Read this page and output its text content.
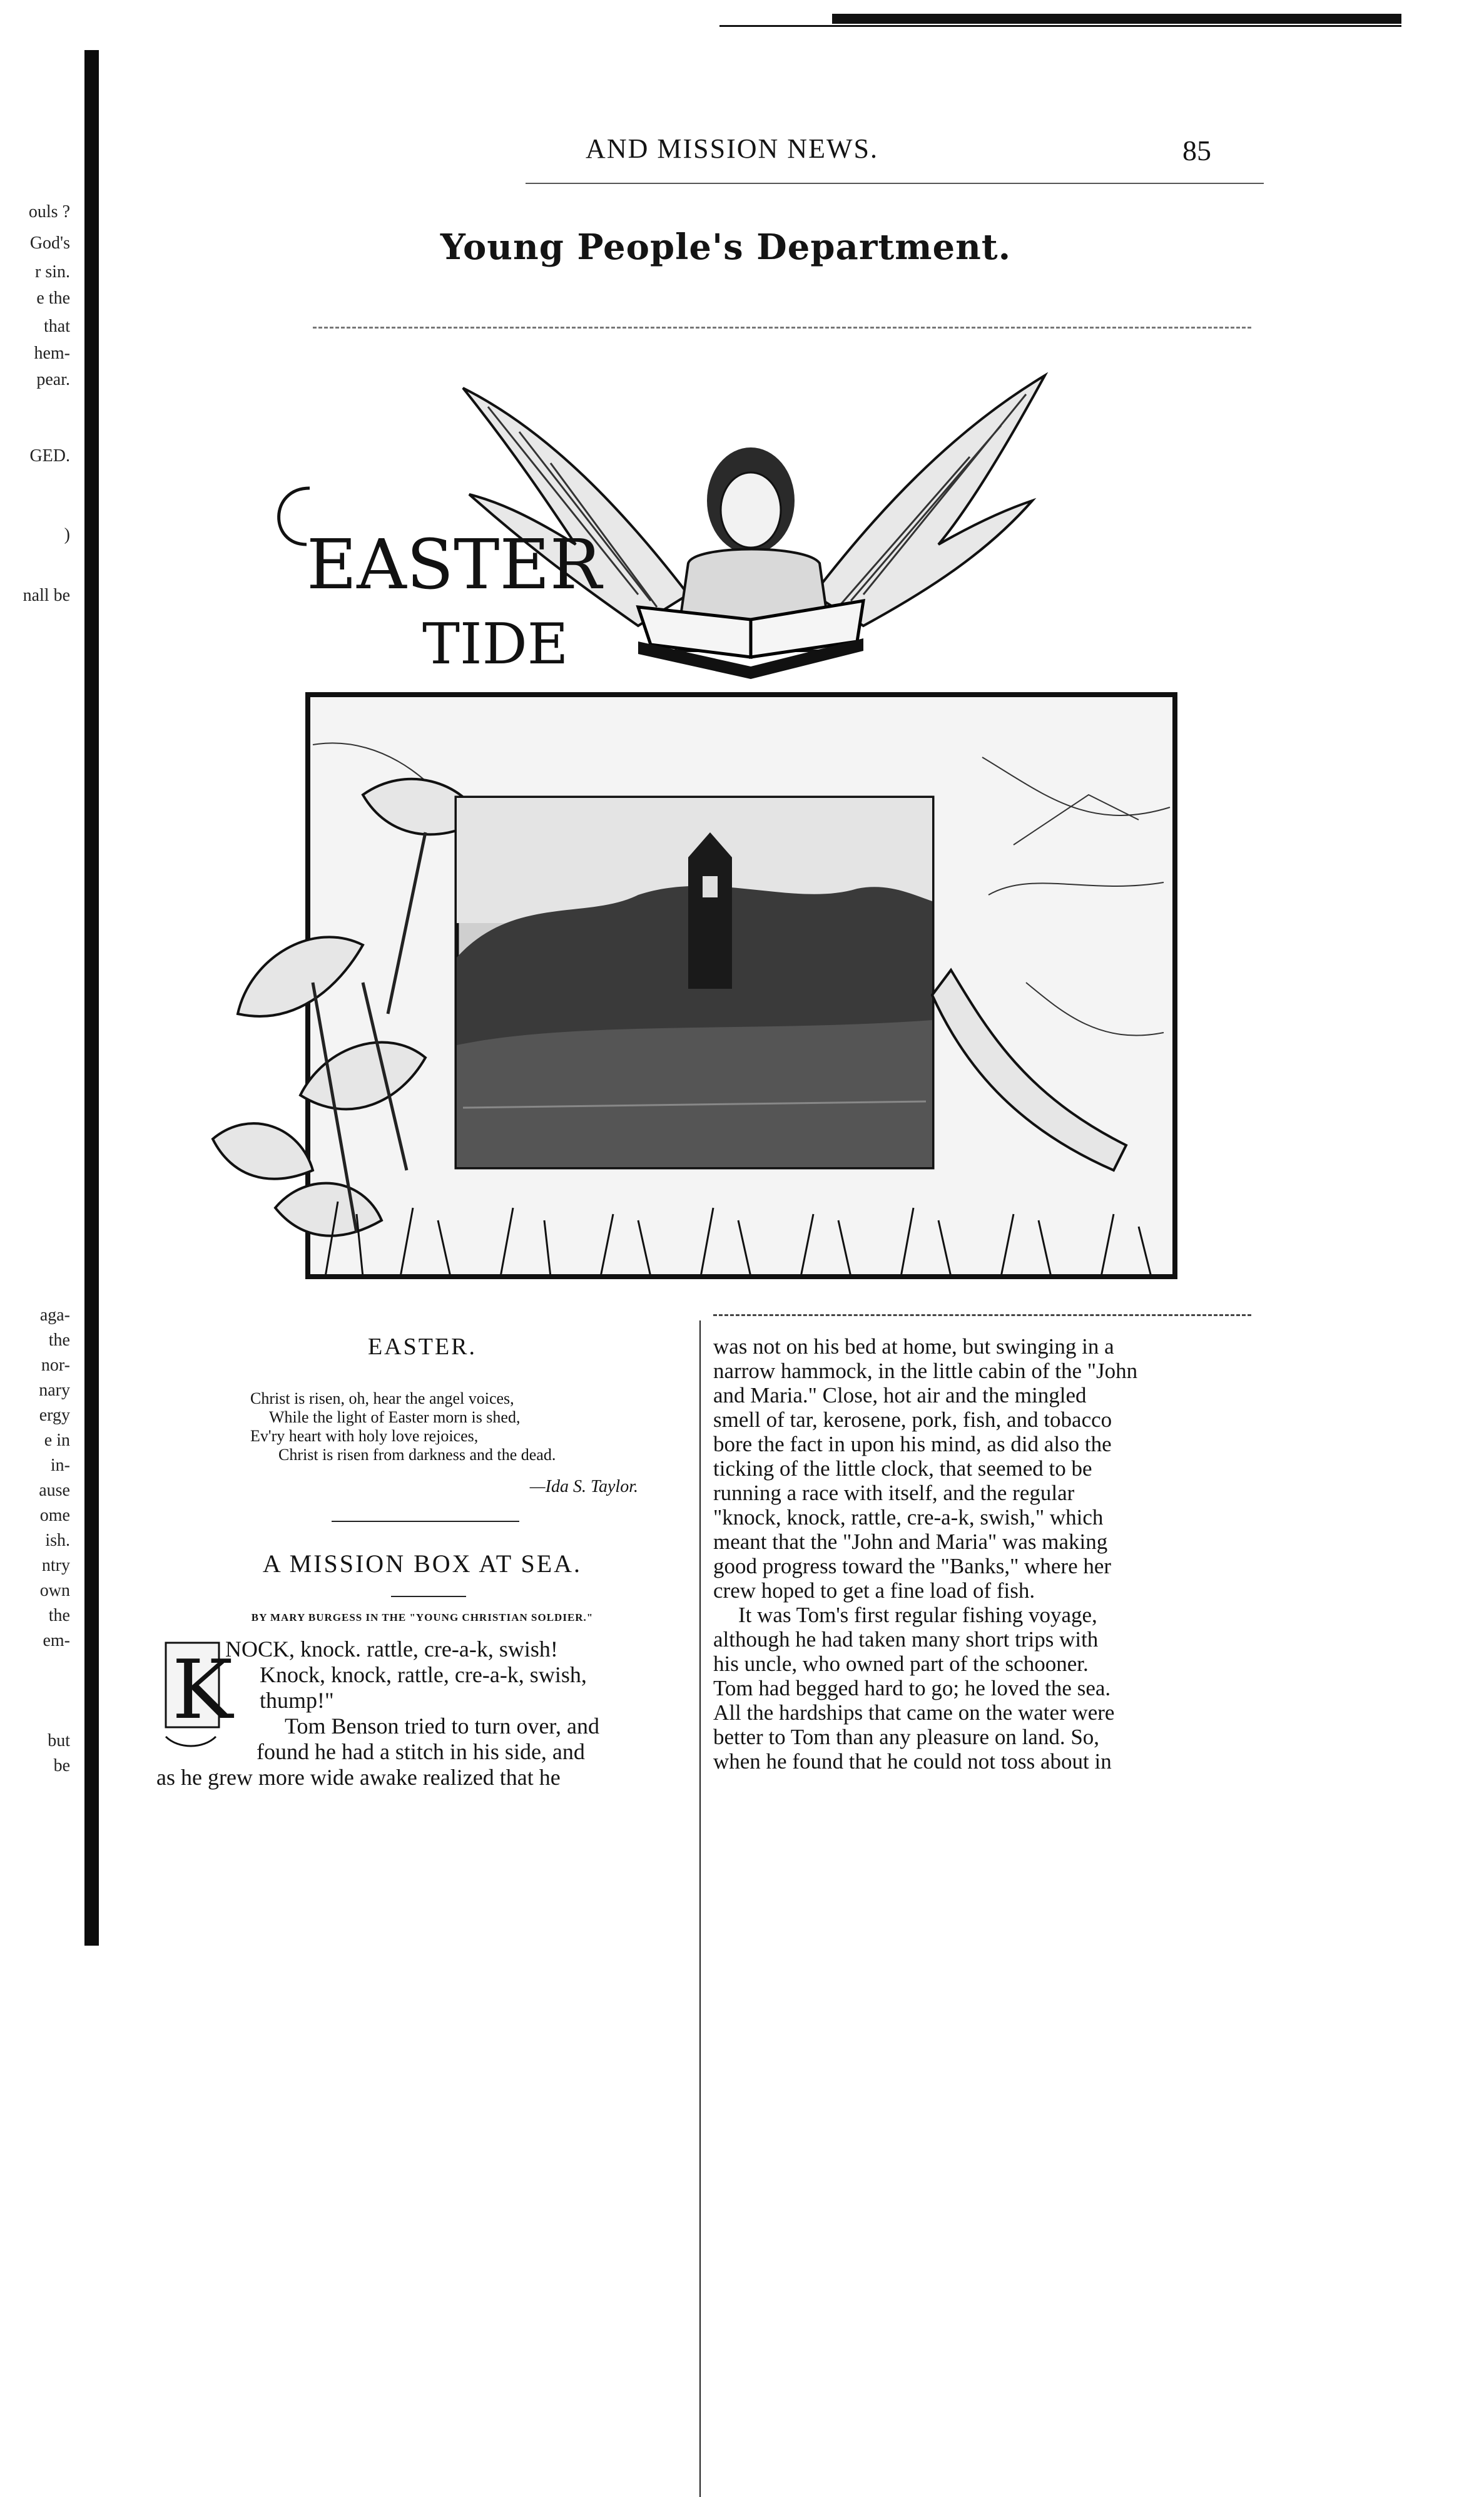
ouls ?
God's
r sin.
e the
that
hem-
pear.
GED.
)
nall be
aga-
the
nor-
nary
ergy
e in
in-
ause
ome
ish.
ntry
own
the
em-
but
be
AND MISSION NEWS.	85
Young People's Department.
EASTER
TIDE
EASTER.
Christ is risen, oh, hear the angel voices,
While the light of Easter morn is shed,
Ev'ry heart with holy love rejoices,
Christ is risen from darkness and the dead.
—Ida S. Taylor.
A MISSION BOX AT SEA.
BY MARY BURGESS IN THE "YOUNG CHRISTIAN SOLDIER."
K
NOCK, knock. rattle, cre-a-k, swish!
Knock, knock, rattle, cre-a-k, swish,
thump!"
Tom Benson tried to turn over, and
found he had a stitch in his side, and
as he grew more wide awake realized that he
was not on his bed at home, but swinging in a
narrow hammock, in the little cabin of the "John
and Maria." Close, hot air and the mingled
smell of tar, kerosene, pork, fish, and tobacco
bore the fact in upon his mind, as did also the
ticking of the little clock, that seemed to be
running a race with itself, and the regular
"knock, knock, rattle, cre-a-k, swish," which
meant that the "John and Maria" was making
good progress toward the "Banks," where her
crew hoped to get a fine load of fish.
It was Tom's first regular fishing voyage,
although he had taken many short trips with
his uncle, who owned part of the schooner.
Tom had begged hard to go; he loved the sea.
All the hardships that came on the water were
better to Tom than any pleasure on land. So,
when he found that he could not toss about in
